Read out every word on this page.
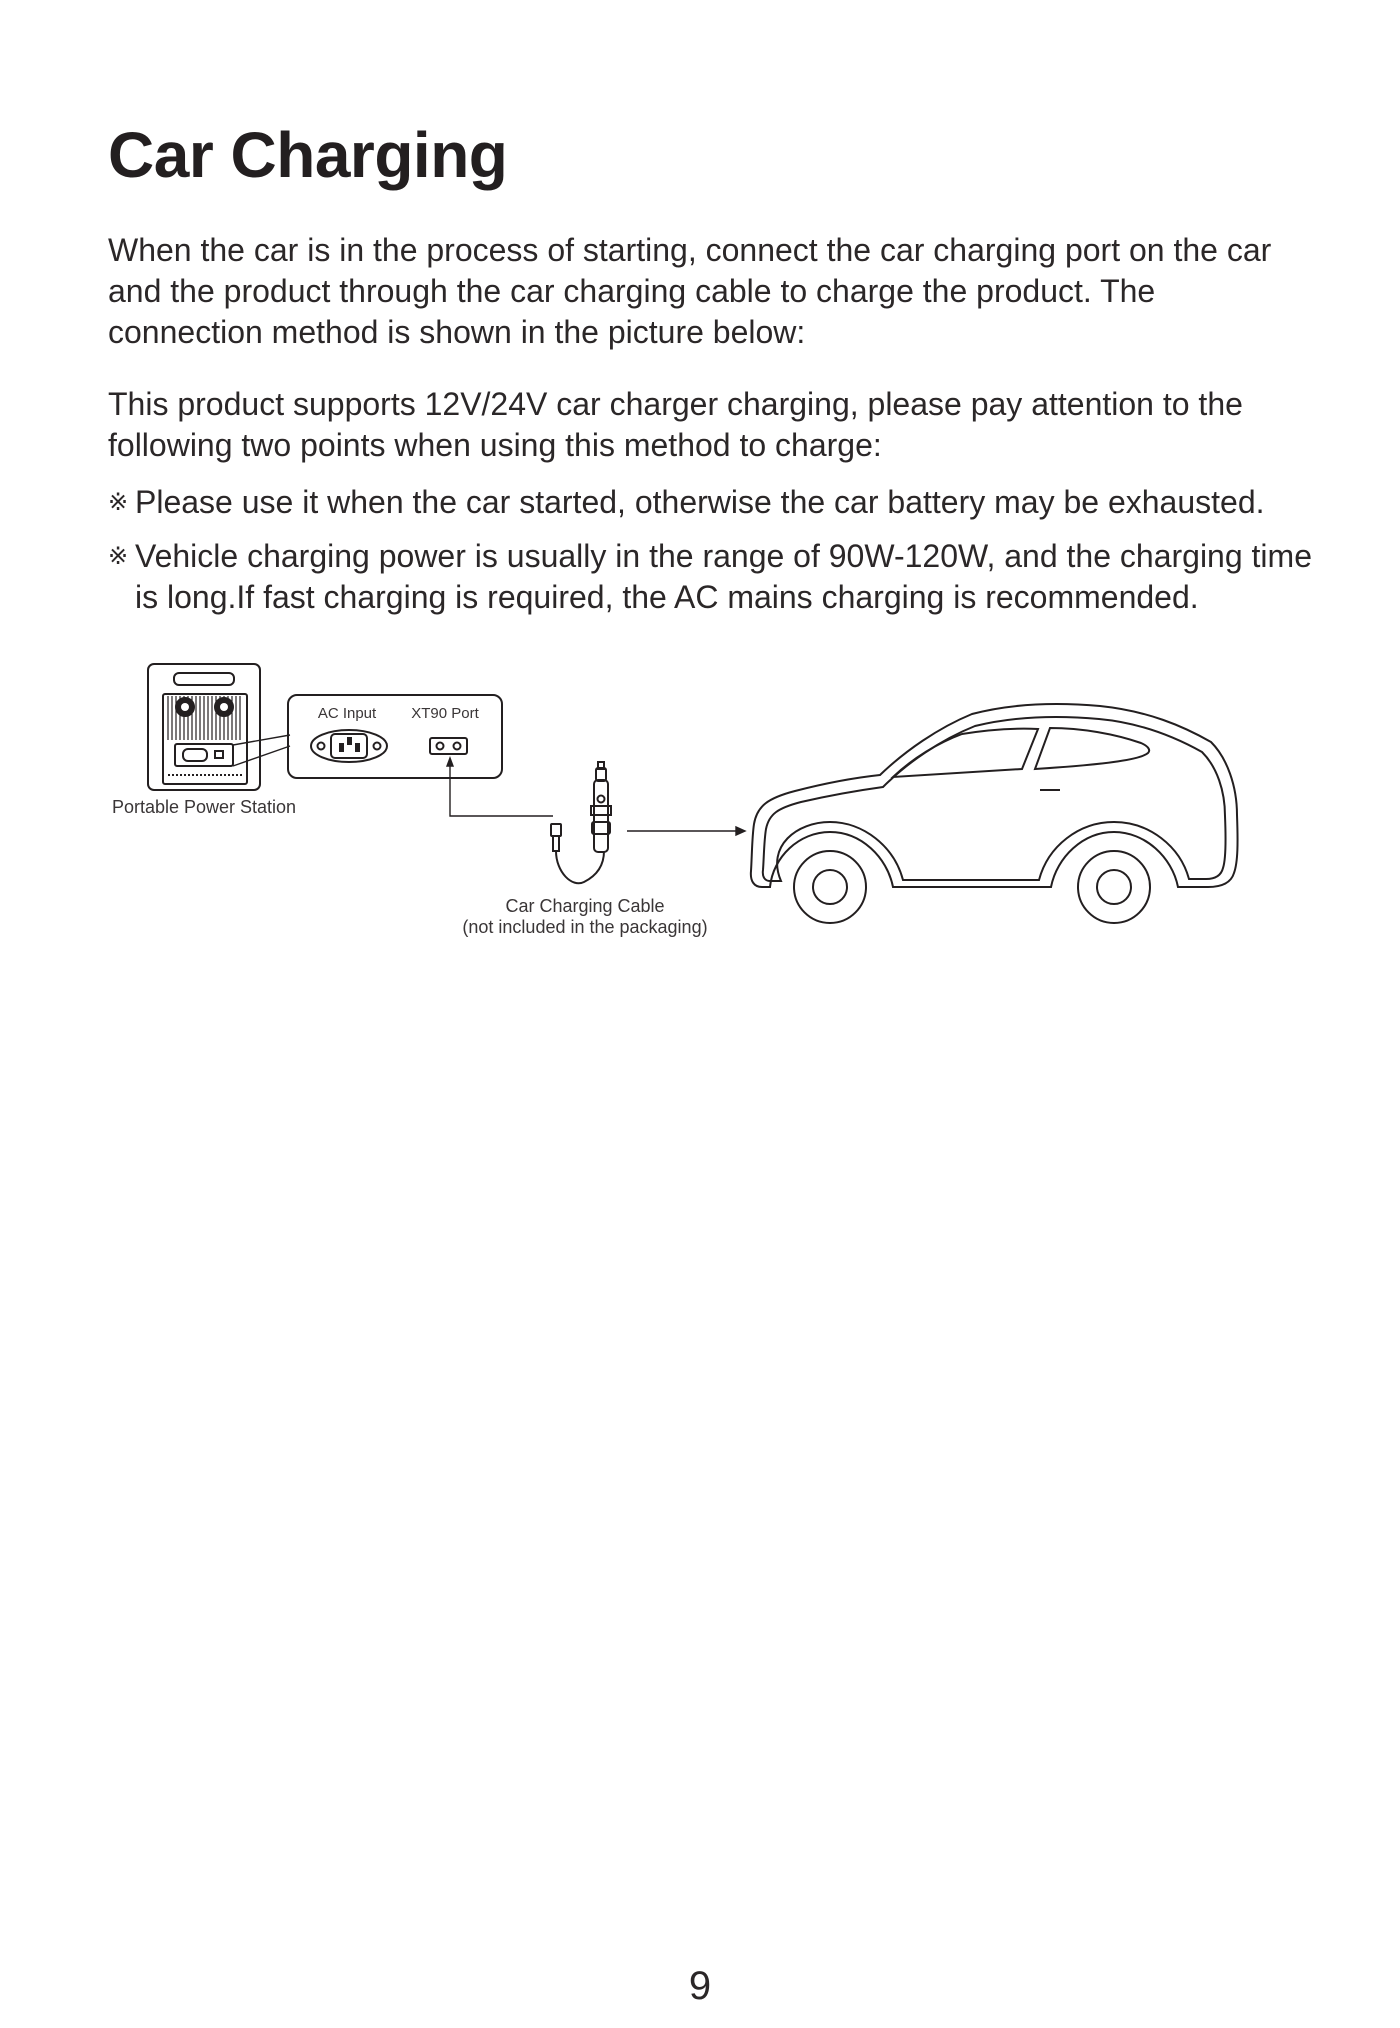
Car Charging

When the car is in the process of starting, connect the car charging port on the car and the product through the car charging cable to charge the product. The connection method is shown in the picture below:

This product supports 12V/24V car charger charging, please pay attention to the following two points when using this method to charge:

※ Please use it when the car started, otherwise the car battery may be exhausted.
※ Vehicle charging power is usually in the range of 90W-120W, and the charging time is long.If fast charging is required, the AC mains charging is recommended.
AC Input XT90 Port
Car Charging Cable
(not included in the packaging)
Portable Power Station
9
